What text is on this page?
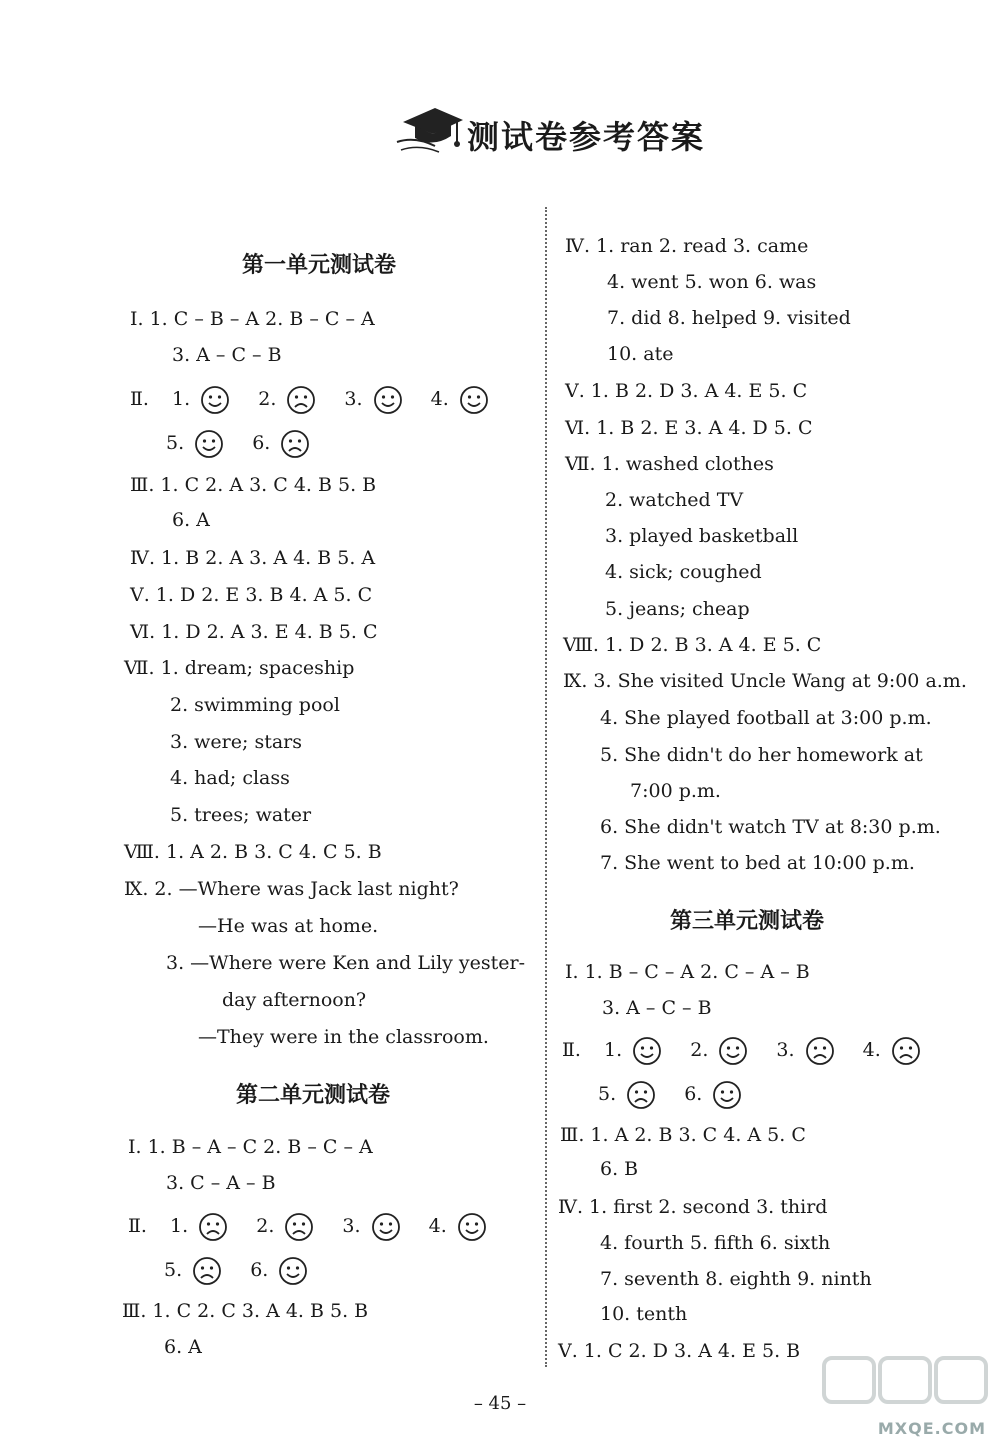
测试卷参考答案
第一单元测试卷
Ⅰ. 1. C – B – A 2. B – C – A
3. A – C – B
Ⅱ. 1.	2.	3.	4.
5.	6.
Ⅲ. 1. C 2. A 3. C 4. B 5. B
6. A
Ⅳ. 1. B 2. A 3. A 4. B 5. A
Ⅴ. 1. D 2. E 3. B 4. A 5. C
Ⅵ. 1. D 2. A 3. E 4. B 5. C
Ⅶ. 1. dream; spaceship
2. swimming pool
3. were; stars
4. had; class
5. trees; water
Ⅷ. 1. A 2. B 3. C 4. C 5. B
Ⅸ. 2. —Where was Jack last night?
—He was at home.
3. —Where were Ken and Lily yester-
day afternoon?
—They were in the classroom.
第二单元测试卷
Ⅰ. 1. B – A – C 2. B – C – A
3. C – A – B
Ⅱ. 1.	2.	3.	4.
5.	6.
Ⅲ. 1. C 2. C 3. A 4. B 5. B
6. A
Ⅳ. 1. ran 2. read 3. came
4. went 5. won 6. was
7. did 8. helped 9. visited
10. ate
Ⅴ. 1. B 2. D 3. A 4. E 5. C
Ⅵ. 1. B 2. E 3. A 4. D 5. C
Ⅶ. 1. washed clothes
2. watched TV
3. played basketball
4. sick; coughed
5. jeans; cheap
Ⅷ. 1. D 2. B 3. A 4. E 5. C
Ⅸ. 3. She visited Uncle Wang at 9:00 a.m.
4. She played football at 3:00 p.m.
5. She didn't do her homework at
7:00 p.m.
6. She didn't watch TV at 8:30 p.m.
7. She went to bed at 10:00 p.m.
第三单元测试卷
Ⅰ. 1. B – C – A 2. C – A – B
3. A – C – B
Ⅱ. 1.	2.	3.	4.
5.	6.
Ⅲ. 1. A 2. B 3. C 4. A 5. C
6. B
Ⅳ. 1. first 2. second 3. third
4. fourth 5. fifth 6. sixth
7. seventh 8. eighth 9. ninth
10. tenth
Ⅴ. 1. C 2. D 3. A 4. E 5. B
– 45 –
MXQE.COM
